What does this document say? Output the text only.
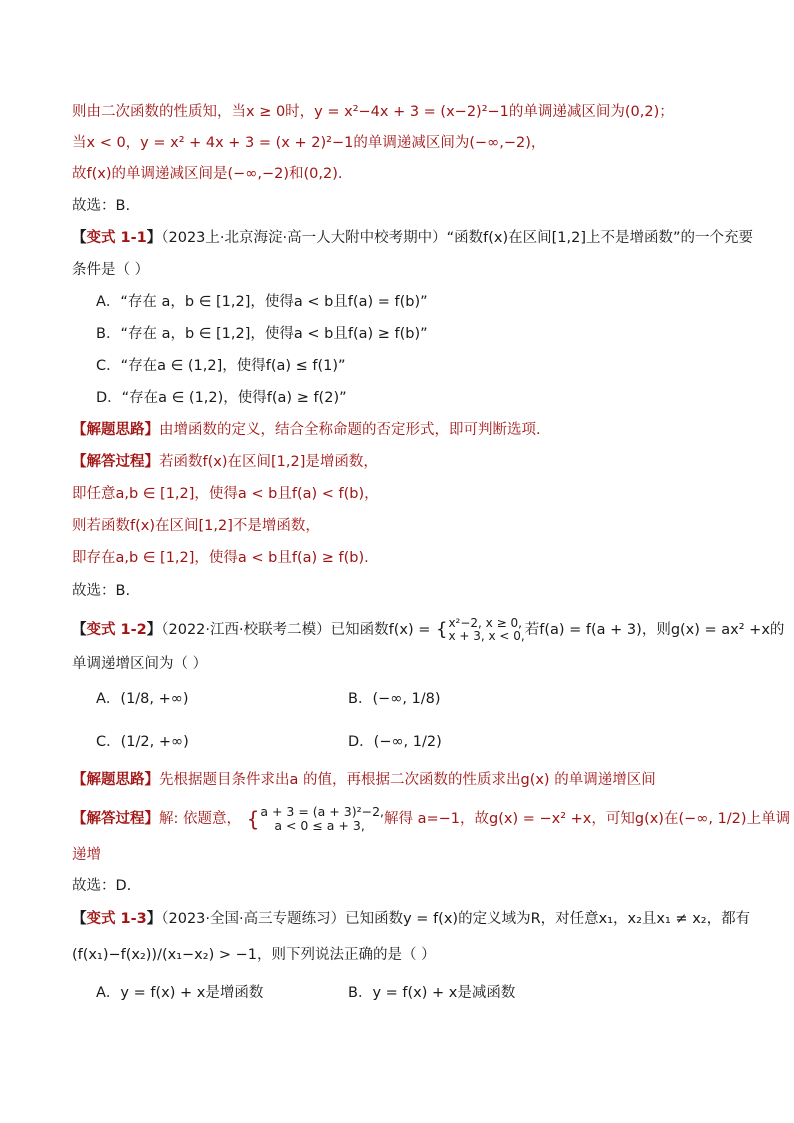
则由二次函数的性质知，当x ≥ 0时，y = x²−4x + 3 = (x−2)²−1的单调递减区间为(0,2)；
当x < 0，y = x² + 4x + 3 = (x + 2)²−1的单调递减区间为(−∞,−2)，
故f(x)的单调递减区间是(−∞,−2)和(0,2).
故选：B.
【变式 1-1】（2023上·北京海淀·高一人大附中校考期中）“函数f(x)在区间[1,2]上不是增函数”的一个充要
条件是（ ）
A．“存在 a，b ∈ [1,2]，使得a < b且f(a) = f(b)”
B．“存在 a，b ∈ [1,2]，使得a < b且f(a) ≥ f(b)”
C．“存在a ∈ (1,2]，使得f(a) ≤ f(1)”
D．“存在a ∈ (1,2)，使得f(a) ≥ f(2)”
【解题思路】由增函数的定义，结合全称命题的否定形式，即可判断选项.
【解答过程】若函数f(x)在区间[1,2]是增函数，
即任意a,b ∈ [1,2]，使得a < b且f(a) < f(b)，
则若函数f(x)在区间[1,2]不是增函数，
即存在a,b ∈ [1,2]，使得a < b且f(a) ≥ f(b).
故选：B.
【变式 1-2】（2022·江西·校联考二模）已知函数f(x) = { x²−2, x ≥ 0,
x + 3, x < 0, 若f(a) = f(a + 3)，则g(x) = ax² +x的
单调递增区间为（ ）
A．(1/8, +∞)	B．(−∞, 1/8)
C．(1/2, +∞)	D．(−∞, 1/2)
【解题思路】先根据题目条件求出a 的值，再根据二次函数的性质求出g(x) 的单调递增区间
【解答过程】解: 依题意， { a + 3 = (a + 3)²−2,
a < 0 ≤ a + 3,	解得 a=−1，故g(x) = −x² +x，可知g(x)在(−∞, 1/2)上单调
递增
故选：D.
【变式 1-3】（2023·全国·高三专题练习）已知函数y = f(x)的定义域为R，对任意x₁，x₂且x₁ ≠ x₂，都有
(f(x₁)−f(x₂))/(x₁−x₂) > −1，则下列说法正确的是（ ）
A．y = f(x) + x是增函数	B．y = f(x) + x是减函数
